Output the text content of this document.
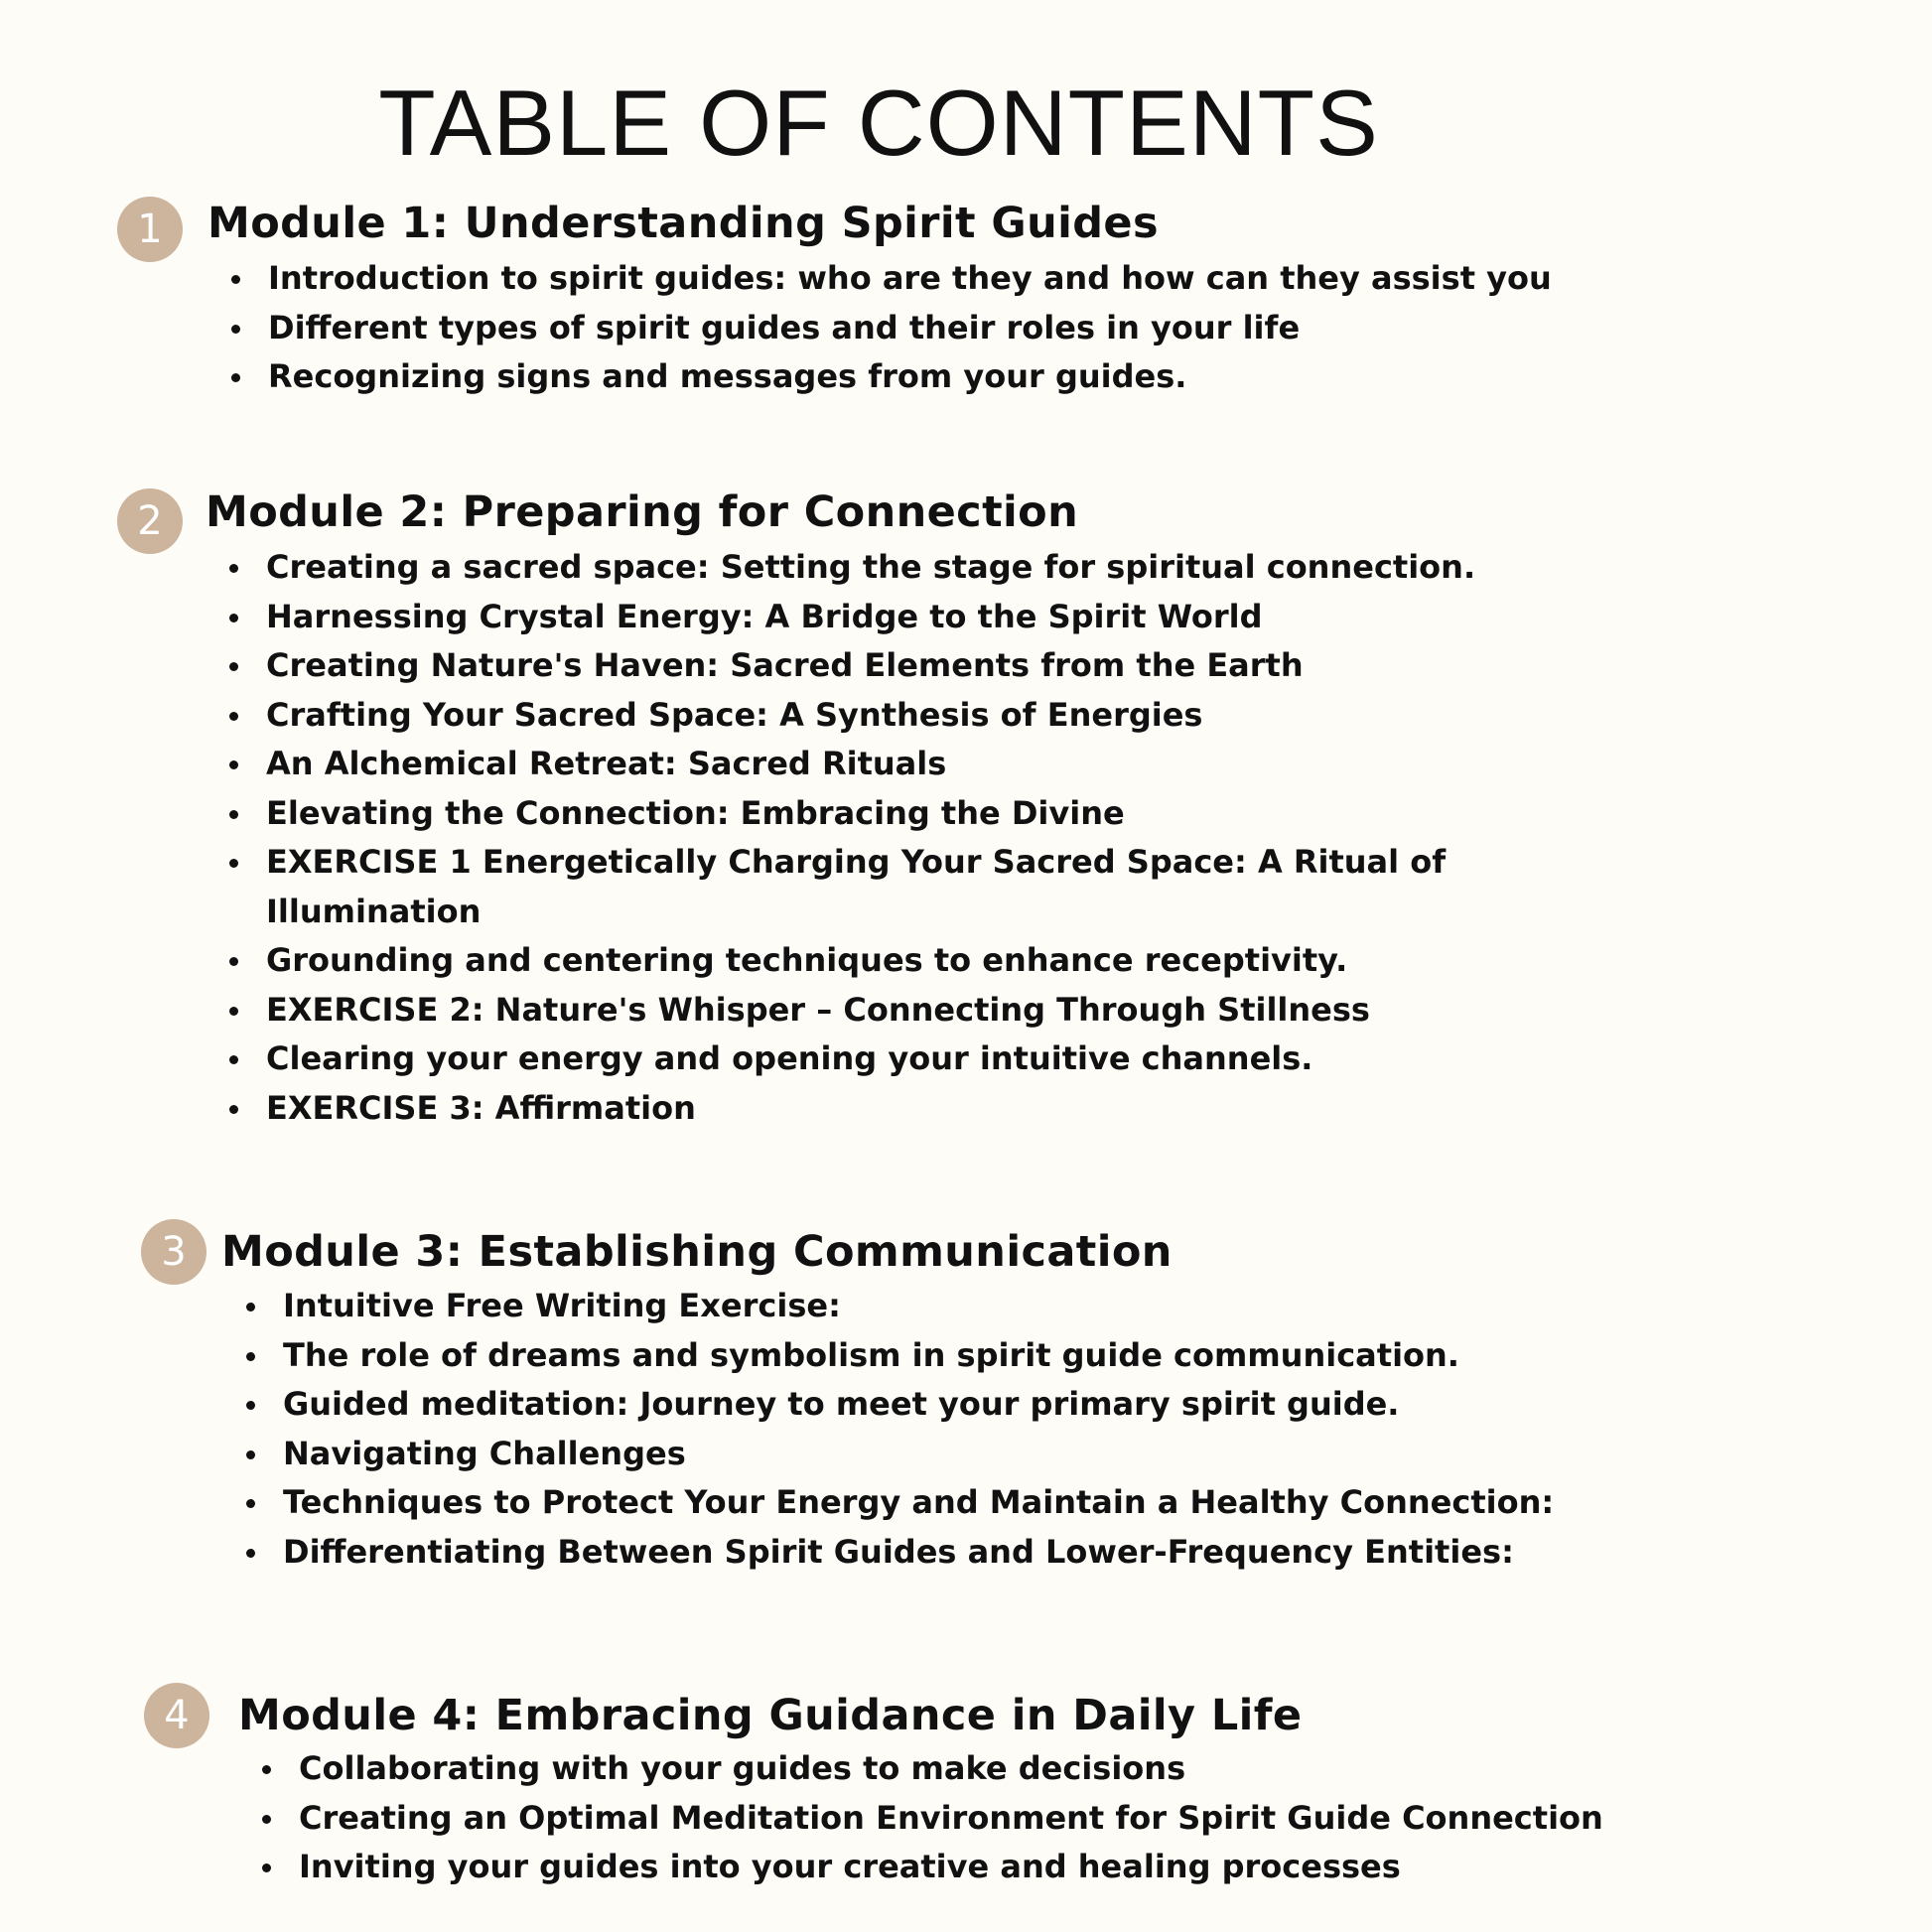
TABLE OF CONTENTS
1	Module 1: Understanding Spirit Guides
Introduction to spirit guides: who are they and how can they assist you
Different types of spirit guides and their roles in your life
Recognizing signs and messages from your guides.
2	Module 2: Preparing for Connection
Creating a sacred space: Setting the stage for spiritual connection.
Harnessing Crystal Energy: A Bridge to the Spirit World
Creating Nature's Haven: Sacred Elements from the Earth
Crafting Your Sacred Space: A Synthesis of Energies
An Alchemical Retreat: Sacred Rituals
Elevating the Connection: Embracing the Divine
EXERCISE 1 Energetically Charging Your Sacred Space: A Ritual of
Illumination
Grounding and centering techniques to enhance receptivity.
EXERCISE 2: Nature's Whisper – Connecting Through Stillness
Clearing your energy and opening your intuitive channels.
EXERCISE 3: Affirmation
3 Module 3: Establishing Communication
Intuitive Free Writing Exercise:
The role of dreams and symbolism in spirit guide communication.
Guided meditation: Journey to meet your primary spirit guide.
Navigating Challenges
Techniques to Protect Your Energy and Maintain a Healthy Connection:
Differentiating Between Spirit Guides and Lower-Frequency Entities:
4	Module 4: Embracing Guidance in Daily Life
Collaborating with your guides to make decisions
Creating an Optimal Meditation Environment for Spirit Guide Connection
Inviting your guides into your creative and healing processes
